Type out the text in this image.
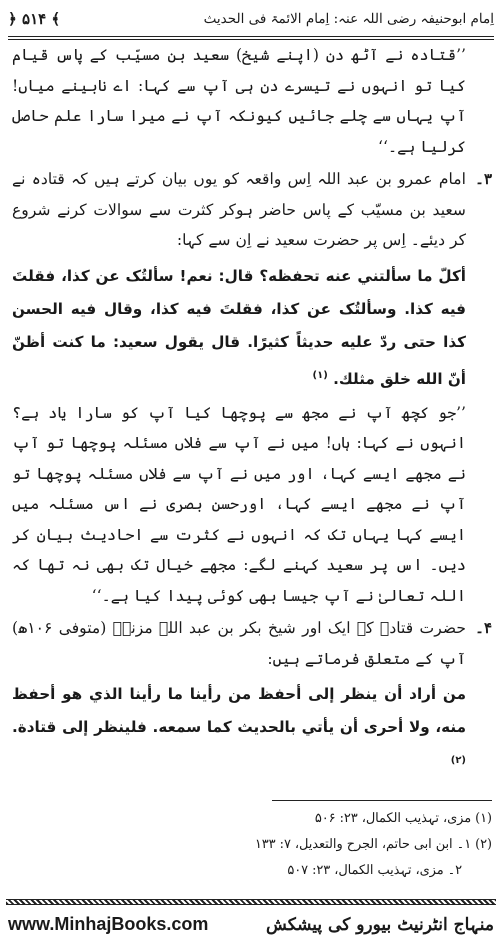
اِمام ابوحنیفہ رضی اللہ عنہ: اِمام الائمۃ فی الحدیث
﴿ ۵۱۴ ﴾

’’قتادہ نے آٹھ دن (اپنے شیخ) سعید بن مسیّب کے پاس قیام کیا تو انہوں نے تیسرے دن ہی آپ سے کہا: اے نابینے میاں! آپ یہاں سے چلے جائیں کیونکہ آپ نے میرا سارا علم حاصل کرلیا ہے۔‘‘

۳۔
امام عمرو بن عبد اللہ اِس واقعہ کو یوں بیان کرتے ہیں کہ قتادہ نے سعید بن مسیّب کے پاس حاضر ہوکر کثرت سے سوالات کرنے شروع کر دیئے۔ اِس پر حضرت سعید نے اِن سے کہا:

أكلّ ما سألتني عنه تحفظه؟ قال: نعم! سألتُک عن كذا، فقلتَ فيه كذا. وسألتُک عن كذا، فقلتَ فيه كذا، وقال فيه الحسن كذا حتى ردّ عليه حديثاً كثيرًا. قال يقول سعيد: ما كنت أظنّ أنّ الله خلق مثلك. $^{(۱)}$

’’جو کچھ آپ نے مجھ سے پوچھا کیا آپ کو سارا یاد ہے؟ انہوں نے کہا: ہاں! میں نے آپ سے فلاں مسئلہ پوچھا تو آپ نے مجھے ایسے کہا، اور میں نے آپ سے فلاں مسئلہ پوچھا تو آپ نے مجھے ایسے کہا، اورحسن بصری نے اس مسئلہ میں ایسے کہا یہاں تک کہ انہوں نے کثرت سے احادیث بیان کر دیں۔ اس پر سعید کہنے لگے: مجھے خیال تک بھی نہ تھا کہ اللہ تعالیٰ نے آپ جیسا بھی کوئی پیدا کیا ہے۔‘‘

۴۔
حضرت قتادہ کے ایک اور شیخ بکر بن عبد اللہ مزنیؒ (متوفی ۱۰۶ھ) آپ کے متعلق فرماتے ہیں:

من أراد أن ينظر إلى أحفظ من رأينا ما رأينا الذي هو أحفظ منه، ولا أحرى أن يأتي بالحديث كما سمعه. فلينظر إلى قتادة. $^{(۲)}$

(۱) مزی، تہذیب الکمال، ۲۳: ۵۰۶
(۲) ۱۔ ابن ابی حاتم، الجرح والتعدیل، ۷: ۱۳۳
۲۔ مزی، تہذیب الکمال، ۲۳: ۵۰۷
www.MinhajBooks.com	منہاج انٹرنیٹ بیورو کی پیشکش
